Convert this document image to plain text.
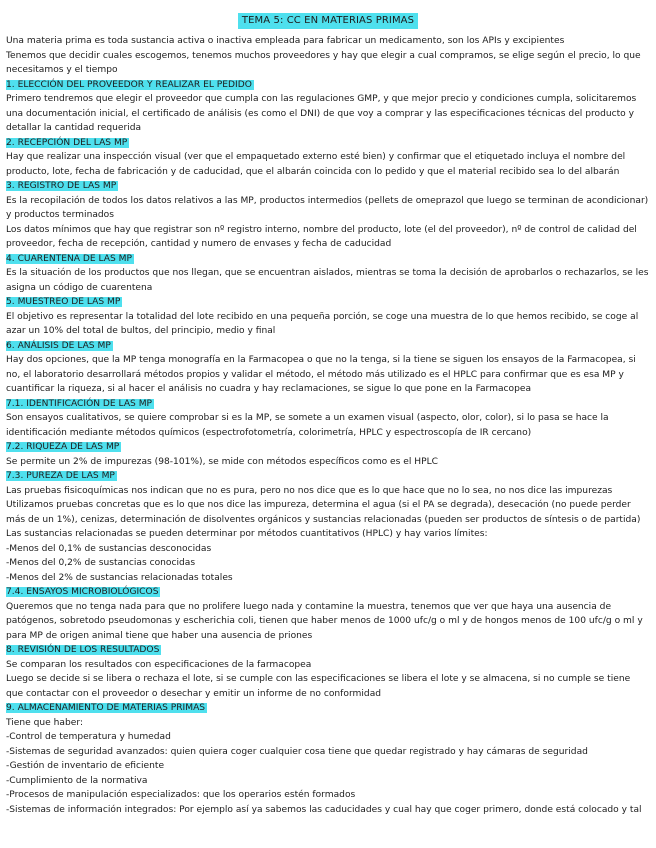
TEMA 5: CC EN MATERIAS PRIMAS

Una materia prima es toda sustancia activa o inactiva empleada para fabricar un medicamento, son los APIs y excipientes

Tenemos que decidir cuales escogemos, tenemos muchos proveedores y hay que elegir a cual compramos, se elige según el precio, lo que necesitamos y el tiempo

1. ELECCIÓN DEL PROVEEDOR Y REALIZAR EL PEDIDO

Primero tendremos que elegir el proveedor que cumpla con las regulaciones GMP, y que mejor precio y condiciones cumpla, solicitaremos una documentación inicial, el certificado de análisis (es como el DNI) de que voy a comprar y las especificaciones técnicas del producto y detallar la cantidad requerida

2. RECEPCIÓN DEL LAS MP

Hay que realizar una inspección visual (ver que el empaquetado externo esté bien) y confirmar que el etiquetado incluya el nombre del producto, lote, fecha de fabricación y de caducidad, que el albarán coincida con lo pedido y que el material recibido sea lo del albarán

3. REGISTRO DE LAS MP

Es la recopilación de todos los datos relativos a las MP, productos intermedios (pellets de omeprazol que luego se terminan de acondicionar) y productos terminados

Los datos mínimos que hay que registrar son nº registro interno, nombre del producto, lote (el del proveedor), nº de control de calidad del proveedor, fecha de recepción, cantidad y numero de envases y fecha de caducidad

4. CUARENTENA DE LAS MP

Es la situación de los productos que nos llegan, que se encuentran aislados, mientras se toma la decisión de aprobarlos o rechazarlos, se les asigna un código de cuarentena

5. MUESTREO DE LAS MP

El objetivo es representar la totalidad del lote recibido en una pequeña porción, se coge una muestra de lo que hemos recibido, se coge al azar un 10% del total de bultos, del principio, medio y final

6. ANÁLISIS DE LAS MP

Hay dos opciones, que la MP tenga monografía en la Farmacopea o que no la tenga, si la tiene se siguen los ensayos de la Farmacopea, si no, el laboratorio desarrollará métodos propios y validar el método, el método más utilizado es el HPLC para confirmar que es esa MP y cuantificar la riqueza, si al hacer el análisis no cuadra y hay reclamaciones, se sigue lo que pone en la Farmacopea

7.1. IDENTIFICACIÓN DE LAS MP

Son ensayos cualitativos, se quiere comprobar si es la MP, se somete a un examen visual (aspecto, olor, color), si lo pasa se hace la identificación mediante métodos químicos (espectrofotometría, colorimetría, HPLC y espectroscopía de IR cercano)

7.2. RIQUEZA DE LAS MP

Se permite un 2% de impurezas (98-101%), se mide con métodos específicos como es el HPLC

7.3. PUREZA DE LAS MP

Las pruebas fisicoquímicas nos indican que no es pura, pero no nos dice que es lo que hace que no lo sea, no nos dice las impurezas

Utilizamos pruebas concretas que es lo que nos dice las impureza, determina el agua (si el PA se degrada), desecación (no puede perder más de un 1%), cenizas, determinación de disolventes orgánicos y sustancias relacionadas (pueden ser productos de síntesis o de partida)

Las sustancias relacionadas se pueden determinar por métodos cuantitativos (HPLC) y hay varios límites:

-Menos del 0,1% de sustancias desconocidas

-Menos del 0,2% de sustancias conocidas

-Menos del 2% de sustancias relacionadas totales

7.4. ENSAYOS MICROBIOLÓGICOS

Queremos que no tenga nada para que no prolifere luego nada y contamine la muestra, tenemos que ver que haya una ausencia de patógenos, sobretodo pseudomonas y escherichia coli, tienen que haber menos de 1000 ufc/g o ml y de hongos menos de 100 ufc/g o ml y para MP de origen animal tiene que haber una ausencia de priones

8. REVISIÓN DE LOS RESULTADOS

Se comparan los resultados con especificaciones de la farmacopea

Luego se decide si se libera o rechaza el lote, si se cumple con las especificaciones se libera el lote y se almacena, si no cumple se tiene que contactar con el proveedor o desechar y emitir un informe de no conformidad

9. ALMACENAMIENTO DE MATERIAS PRIMAS

Tiene que haber:

-Control de temperatura y humedad

-Sistemas de seguridad avanzados: quien quiera coger cualquier cosa tiene que quedar registrado y hay cámaras de seguridad

-Gestión de inventario de eficiente

-Cumplimiento de la normativa

-Procesos de manipulación especializados: que los operarios estén formados

-Sistemas de información integrados: Por ejemplo así ya sabemos las caducidades y cual hay que coger primero, donde está colocado y tal
